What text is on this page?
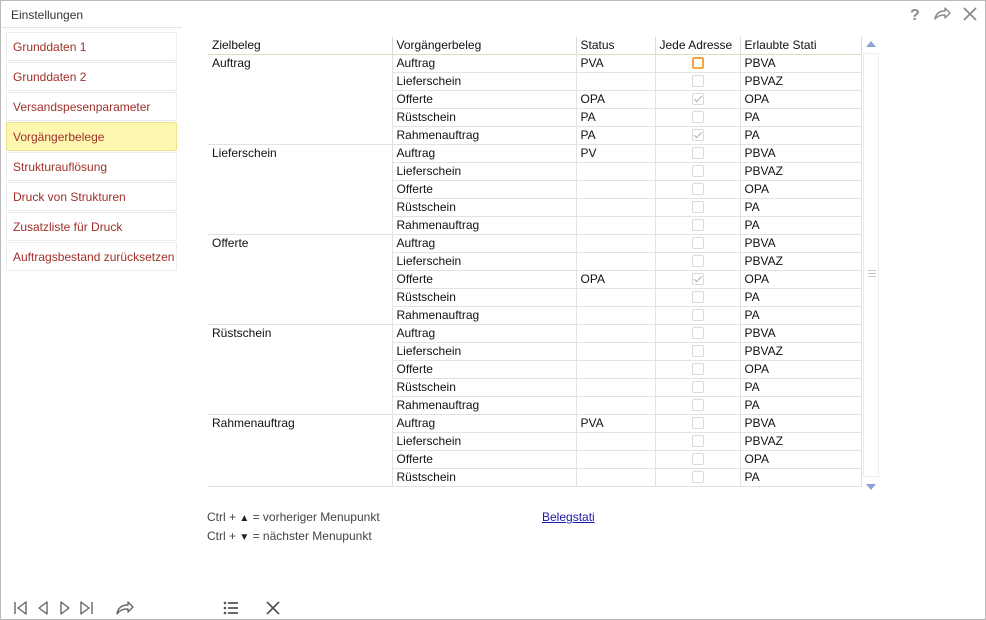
Einstellungen	?
Grunddaten 1
Grunddaten 2
Versandspesenparameter
Vorgängerbelege
Strukturauflösung
Druck von Strukturen
Zusatzliste für Druck
Auftragsbestand zurücksetzen
Zielbeleg	Vorgängerbeleg	Status	Jede Adresse	Erlaubte Stati
Auftrag	Auftrag	PVA		PBVA
	Lieferschein			PBVAZ
	Offerte	OPA		OPA
	Rüstschein	PA		PA
	Rahmenauftrag	PA		PA
Lieferschein	Auftrag	PV		PBVA
	Lieferschein			PBVAZ
	Offerte			OPA
	Rüstschein			PA
	Rahmenauftrag			PA
Offerte	Auftrag			PBVA
	Lieferschein			PBVAZ
	Offerte	OPA		OPA
	Rüstschein			PA
	Rahmenauftrag			PA
Rüstschein	Auftrag			PBVA
	Lieferschein			PBVAZ
	Offerte			OPA
	Rüstschein			PA
	Rahmenauftrag			PA
Rahmenauftrag	Auftrag	PVA		PBVA
	Lieferschein			PBVAZ
	Offerte			OPA
	Rüstschein			PA
Ctrl + ▲ = vorheriger Menupunkt
Ctrl + ▼ = nächster Menupunkt
Belegstati
